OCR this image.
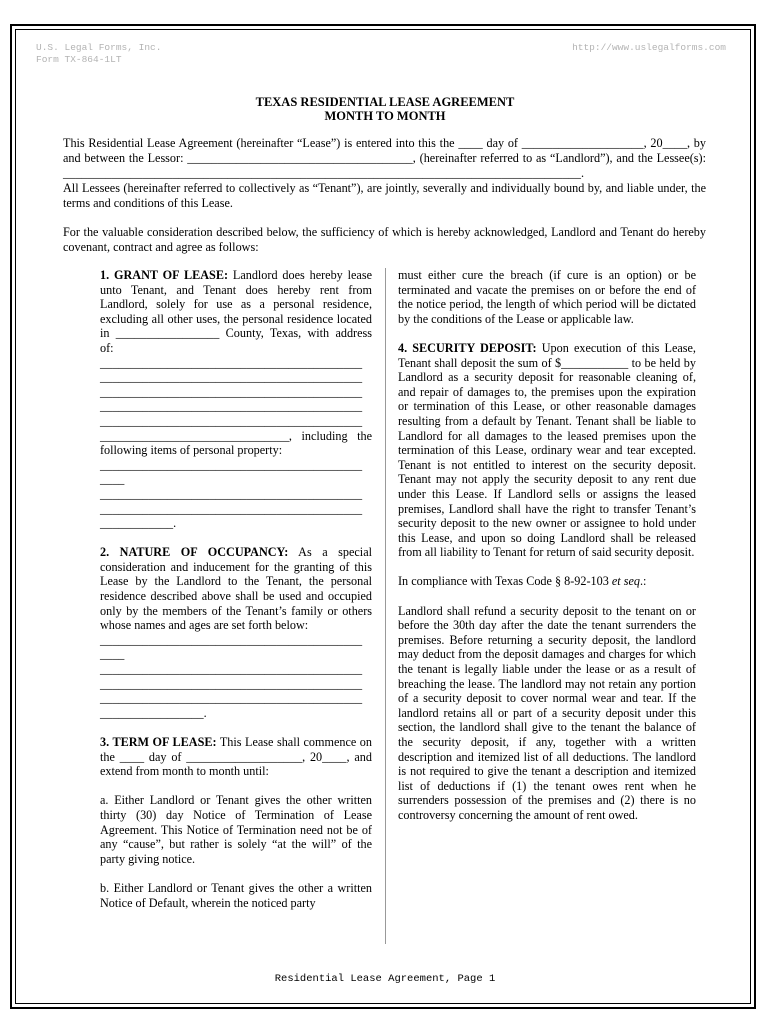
U.S. Legal Forms, Inc.
Form TX-864-1LT
http://www.uslegalforms.com
TEXAS RESIDENTIAL LEASE AGREEMENT
MONTH TO MONTH

This Residential Lease Agreement (hereinafter “Lease”) is entered into this the ____ day of ____________________, 20____, by and between the Lessor: _____________________________________, (hereinafter referred to as “Landlord”), and the Lessee(s): _____________________________________________________________________________________.

All Lessees (hereinafter referred to collectively as “Tenant”), are jointly, severally and individually bound by, and liable under, the terms and conditions of this Lease.

For the valuable consideration described below, the sufficiency of which is hereby acknowledged, Landlord and Tenant do hereby covenant, contract and agree as follows:

1. GRANT OF LEASE: Landlord does hereby lease unto Tenant, and Tenant does hereby rent from Landlord, solely for use as a personal residence, excluding all other uses, the personal residence located in _________________ County, Texas, with address of:

___________________________________________
___________________________________________
___________________________________________
___________________________________________
___________________________________________
_______________________________, including the following items of personal property:
___________________________________________
____
___________________________________________
___________________________________________
____________.

2. NATURE OF OCCUPANCY: As a special consideration and inducement for the granting of this Lease by the Landlord to the Tenant, the personal residence described above shall be used and occupied only by the members of the Tenant’s family or others whose names and ages are set forth below:

___________________________________________
____
___________________________________________
___________________________________________
___________________________________________
_________________.

3. TERM OF LEASE: This Lease shall commence on the ____ day of ___________________, 20____, and extend from month to month until:

a. Either Landlord or Tenant gives the other written thirty (30) day Notice of Termination of Lease Agreement. This Notice of Termination need not be of any “cause”, but rather is solely “at the will” of the party giving notice.

b. Either Landlord or Tenant gives the other a written Notice of Default, wherein the noticed party

must either cure the breach (if cure is an option) or be terminated and vacate the premises on or before the end of the notice period, the length of which period will be dictated by the conditions of the Lease or applicable law.

4. SECURITY DEPOSIT: Upon execution of this Lease, Tenant shall deposit the sum of $___________ to be held by Landlord as a security deposit for reasonable cleaning of, and repair of damages to, the premises upon the expiration or termination of this Lease, or other reasonable damages resulting from a default by Tenant. Tenant shall be liable to Landlord for all damages to the leased premises upon the termination of this Lease, ordinary wear and tear excepted. Tenant is not entitled to interest on the security deposit. Tenant may not apply the security deposit to any rent due under this Lease. If Landlord sells or assigns the leased premises, Landlord shall have the right to transfer Tenant’s security deposit to the new owner or assignee to hold under this Lease, and upon so doing Landlord shall be released from all liability to Tenant for return of said security deposit.

In compliance with Texas Code § 8-92-103 et seq.:

Landlord shall refund a security deposit to the tenant on or before the 30th day after the date the tenant surrenders the premises. Before returning a security deposit, the landlord may deduct from the deposit damages and charges for which the tenant is legally liable under the lease or as a result of breaching the lease. The landlord may not retain any portion of a security deposit to cover normal wear and tear. If the landlord retains all or part of a security deposit under this section, the landlord shall give to the tenant the balance of the security deposit, if any, together with a written description and itemized list of all deductions. The landlord is not required to give the tenant a description and itemized list of deductions if (1) the tenant owes rent when he surrenders possession of the premises and (2) there is no controversy concerning the amount of rent owed.

Residential Lease Agreement, Page 1
